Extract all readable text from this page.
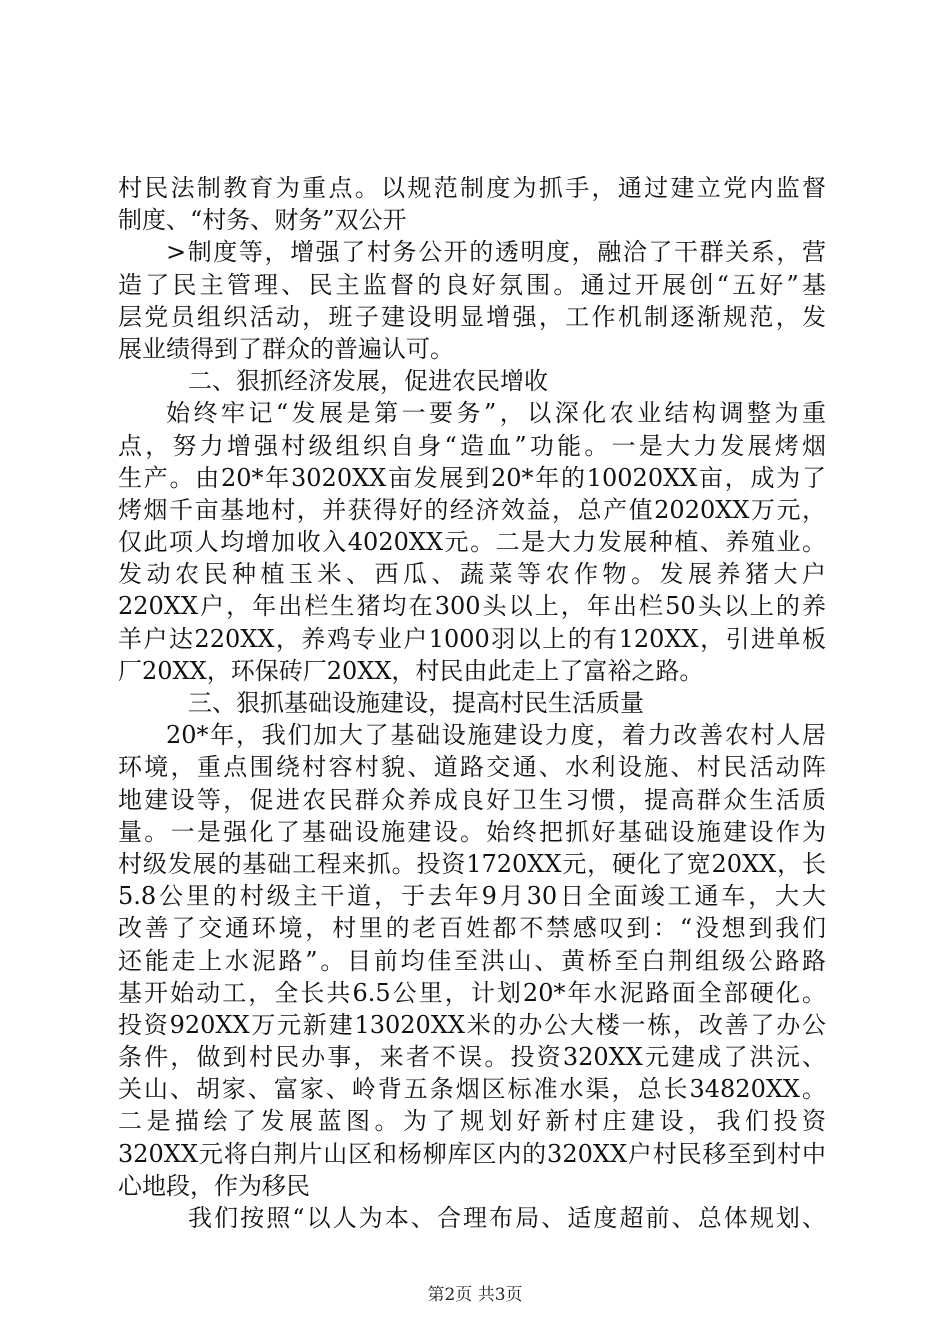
村民法制教育为重点。以规范制度为抓手，通过建立党内监督
制度、“村务、财务”双公开
>制度等，增强了村务公开的透明度，融洽了干群关系，营
造了民主管理、民主监督的良好氛围。通过开展创“五好”基
层党员组织活动，班子建设明显增强，工作机制逐渐规范，发
展业绩得到了群众的普遍认可。
二、狠抓经济发展，促进农民增收
始终牢记“发展是第一要务”，以深化农业结构调整为重
点，努力增强村级组织自身“造血”功能。一是大力发展烤烟
生产。由20*年3020XX亩发展到20*年的10020XX亩，成为了
烤烟千亩基地村，并获得好的经济效益，总产值2020XX万元，
仅此项人均增加收入4020XX元。二是大力发展种植、养殖业。
发动农民种植玉米、西瓜、蔬菜等农作物。发展养猪大户
220XX户，年出栏生猪均在300头以上，年出栏50头以上的养
羊户达220XX，养鸡专业户1000羽以上的有120XX，引进单板
厂20XX，环保砖厂20XX，村民由此走上了富裕之路。
三、狠抓基础设施建设，提高村民生活质量
20*年，我们加大了基础设施建设力度，着力改善农村人居
环境，重点围绕村容村貌、道路交通、水利设施、村民活动阵
地建设等，促进农民群众养成良好卫生习惯，提高群众生活质
量。一是强化了基础设施建设。始终把抓好基础设施建设作为
村级发展的基础工程来抓。投资1720XX元，硬化了宽20XX，长
5.8公里的村级主干道，于去年9月30日全面竣工通车，大大
改善了交通环境，村里的老百姓都不禁感叹到：“没想到我们
还能走上水泥路”。目前均佳至洪山、黄桥至白荆组级公路路
基开始动工，全长共6.5公里，计划20*年水泥路面全部硬化。
投资920XX万元新建13020XX米的办公大楼一栋，改善了办公
条件，做到村民办事，来者不误。投资320XX元建成了洪沅、
关山、胡家、富家、岭背五条烟区标准水渠，总长34820XX。
二是描绘了发展蓝图。为了规划好新村庄建设，我们投资
320XX元将白荆片山区和杨柳库区内的320XX户村民移至到村中
心地段，作为移民
我们按照“以人为本、合理布局、适度超前、总体规划、
第2页 共3页
